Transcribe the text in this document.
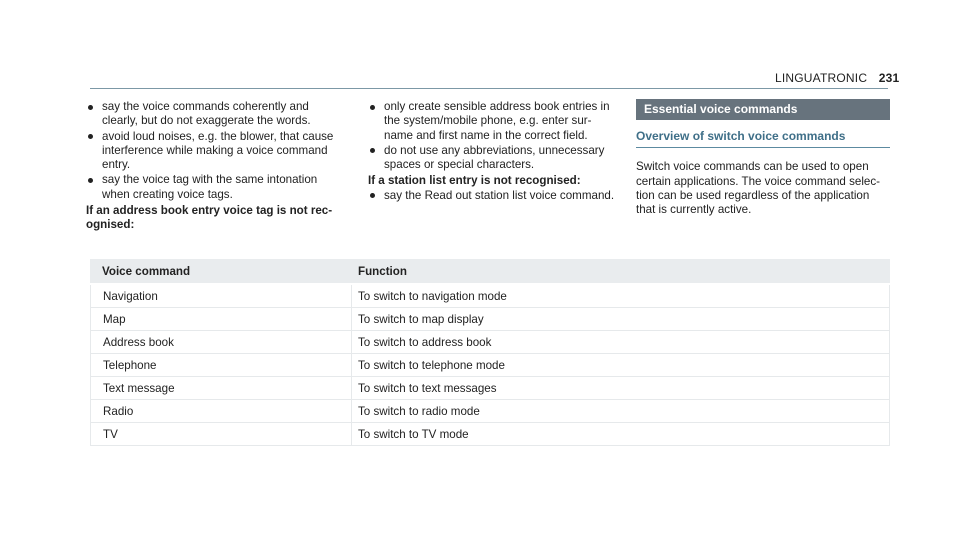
LINGUATRONIC 231
say the voice commands coherently and clearly, but do not exaggerate the words.
avoid loud noises, e.g. the blower, that cause interference while making a voice command entry.
say the voice tag with the same intonation when creating voice tags.
If an address book entry voice tag is not rec-ognised:
only create sensible address book entries in the system/mobile phone, e.g. enter sur-name and first name in the correct field.
do not use any abbreviations, unnecessary spaces or special characters.
If a station list entry is not recognised:
say the Read out station list voice command.
Essential voice commands
Overview of switch voice commands

Switch voice commands can be used to open certain applications. The voice command selec-tion can be used regardless of the application that is currently active.

Voice command	Function
Navigation	To switch to navigation mode
Map	To switch to map display
Address book	To switch to address book
Telephone	To switch to telephone mode
Text message	To switch to text messages
Radio	To switch to radio mode
TV	To switch to TV mode
